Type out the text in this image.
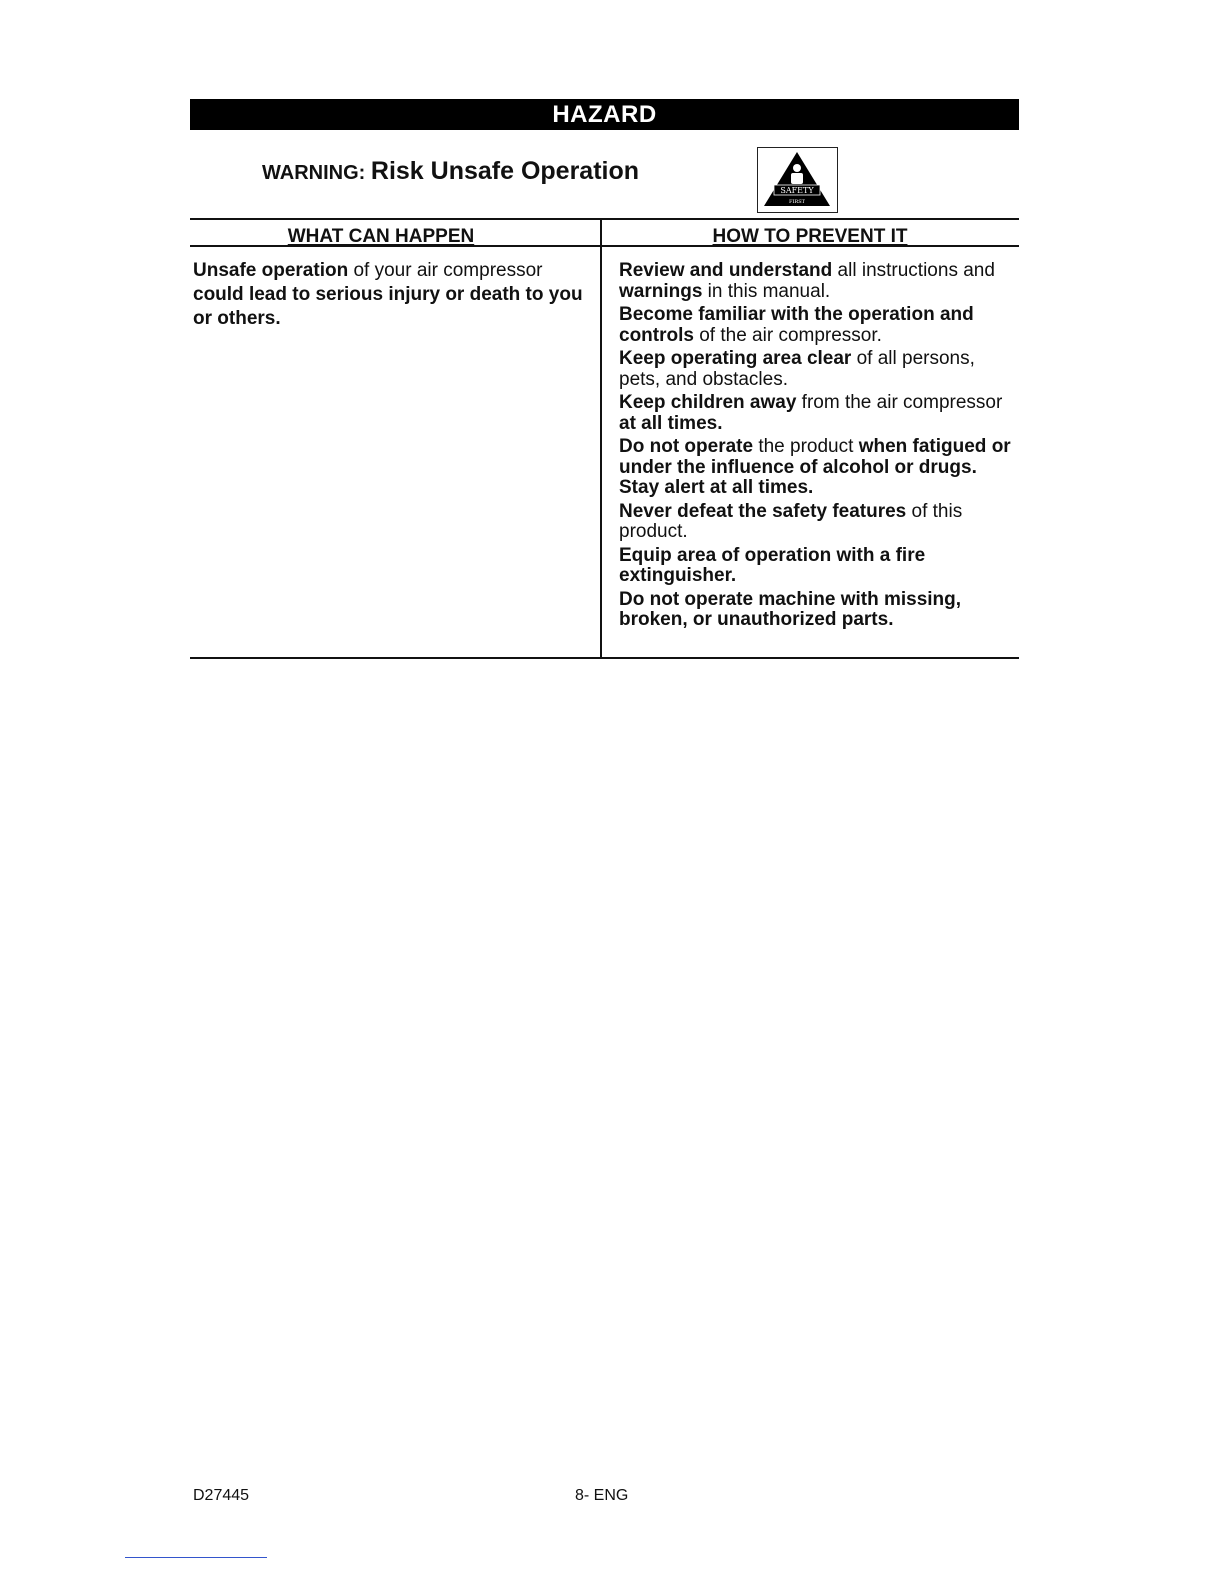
HAZARD
WARNING: Risk Unsafe Operation
SAFETY
FIRST
WHAT CAN HAPPEN	HOW TO PREVENT IT
Unsafe operation of your air compressor could lead to serious injury or death to you or others.

Review and understand all instructions and warnings in this manual.

Become familiar with the operation and controls of the air compressor.

Keep operating area clear of all persons, pets, and obstacles.

Keep children away from the air compressor at all times.

Do not operate the product when fatigued or under the influence of alcohol or drugs. Stay alert at all times.

Never defeat the safety features of this product.

Equip area of operation with a fire extinguisher.

Do not operate machine with missing, broken, or unauthorized parts.

D27445	8- ENG
